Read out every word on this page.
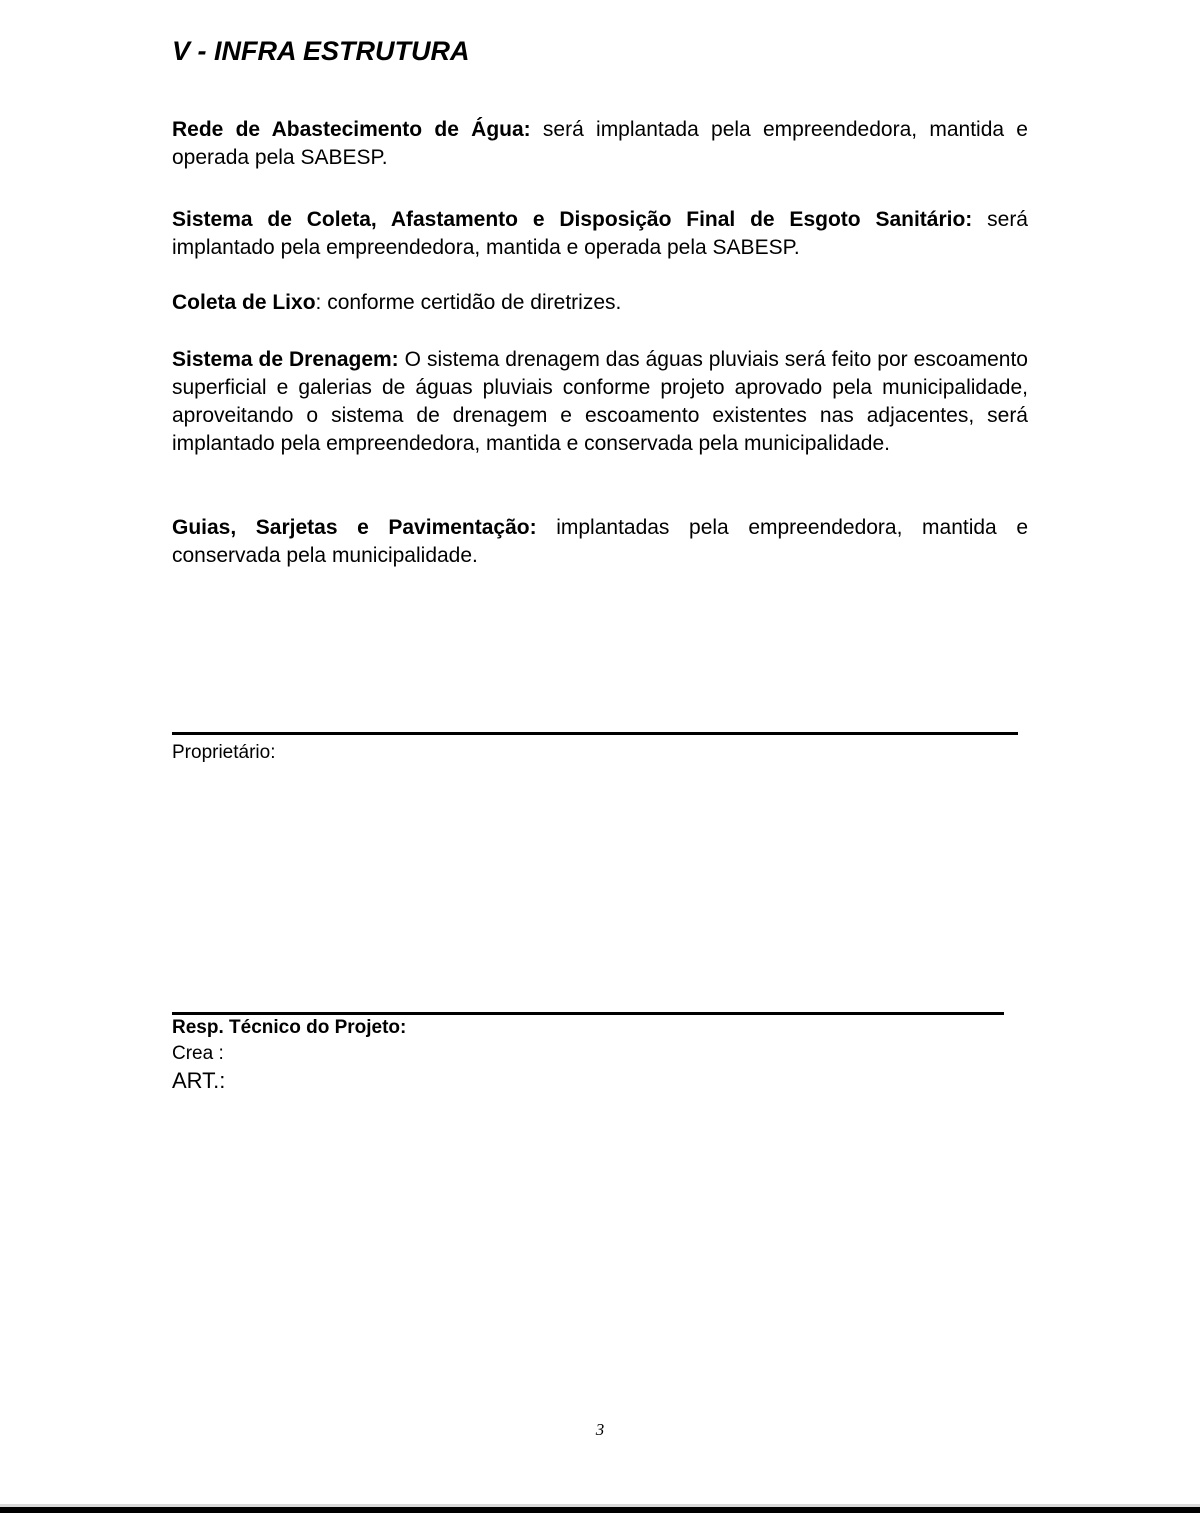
V - INFRA ESTRUTURA
Rede de Abastecimento de Água: será implantada pela empreendedora, mantida e operada pela SABESP.
Sistema de Coleta, Afastamento e Disposição Final de Esgoto Sanitário: será implantado pela empreendedora, mantida e operada pela SABESP.
Coleta de Lixo: conforme certidão de diretrizes.
Sistema de Drenagem: O sistema drenagem das águas pluviais será feito por escoamento superficial e galerias de águas pluviais conforme projeto aprovado pela municipalidade, aproveitando o sistema de drenagem e escoamento existentes nas adjacentes, será implantado pela empreendedora, mantida e conservada pela municipalidade.
Guias, Sarjetas e Pavimentação: implantadas pela empreendedora, mantida e conservada pela municipalidade.
Proprietário:
Resp. Técnico do Projeto:
Crea :
ART.:
3
